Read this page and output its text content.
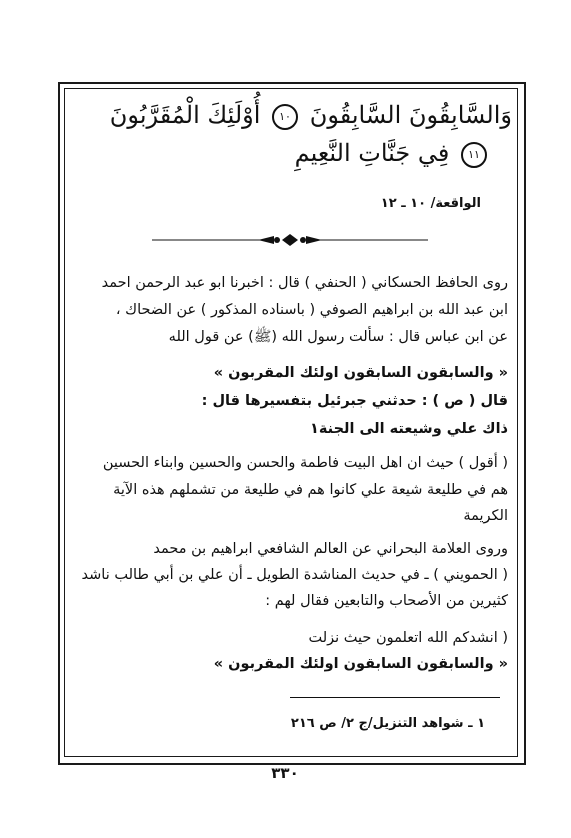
وَالسَّابِقُونَ السَّابِقُونَ ١٠ أُوْلَئِكَ الْمُقَرَّبُونَ
١١ فِي جَنَّاتِ النَّعِيمِ
الواقعة/ ١٠ ـ ١٢
روى الحافظ الحسكاني ( الحنفي ) قال : اخبرنا ابو عبد الرحمن احمد
ابن عبد الله بن ابراهيم الصوفي ( باسناده المذكور ) عن الضحاك ،
عن ابن عباس قال : سألت رسول الله (ﷺ) عن قول الله
« والسابقون السابقون اولئك المقربون »
قال ( ص ) : حدثني جبرئيل بتفسيرها قال :
ذاك علي وشيعته الى الجنة١
( أقول ) حيث ان اهل البيت فاطمة والحسن والحسين وابناء الحسين
هم في طليعة شيعة علي كانوا هم في طليعة من تشملهم هذه الآية
الكريمة
وروى العلامة البحراني عن العالم الشافعي ابراهيم بن محمد
( الحمويني ) ـ في حديث المناشدة الطويل ـ أن علي بن أبي طالب ناشد
كثيرين من الأصحاب والتابعين فقال لهم :
( انشدكم الله اتعلمون حيث نزلت
« والسابقون السابقون اولئك المقربون »
١ ـ شواهد التنزيل/ج ٢/ ص ٢١٦
٣٣٠
